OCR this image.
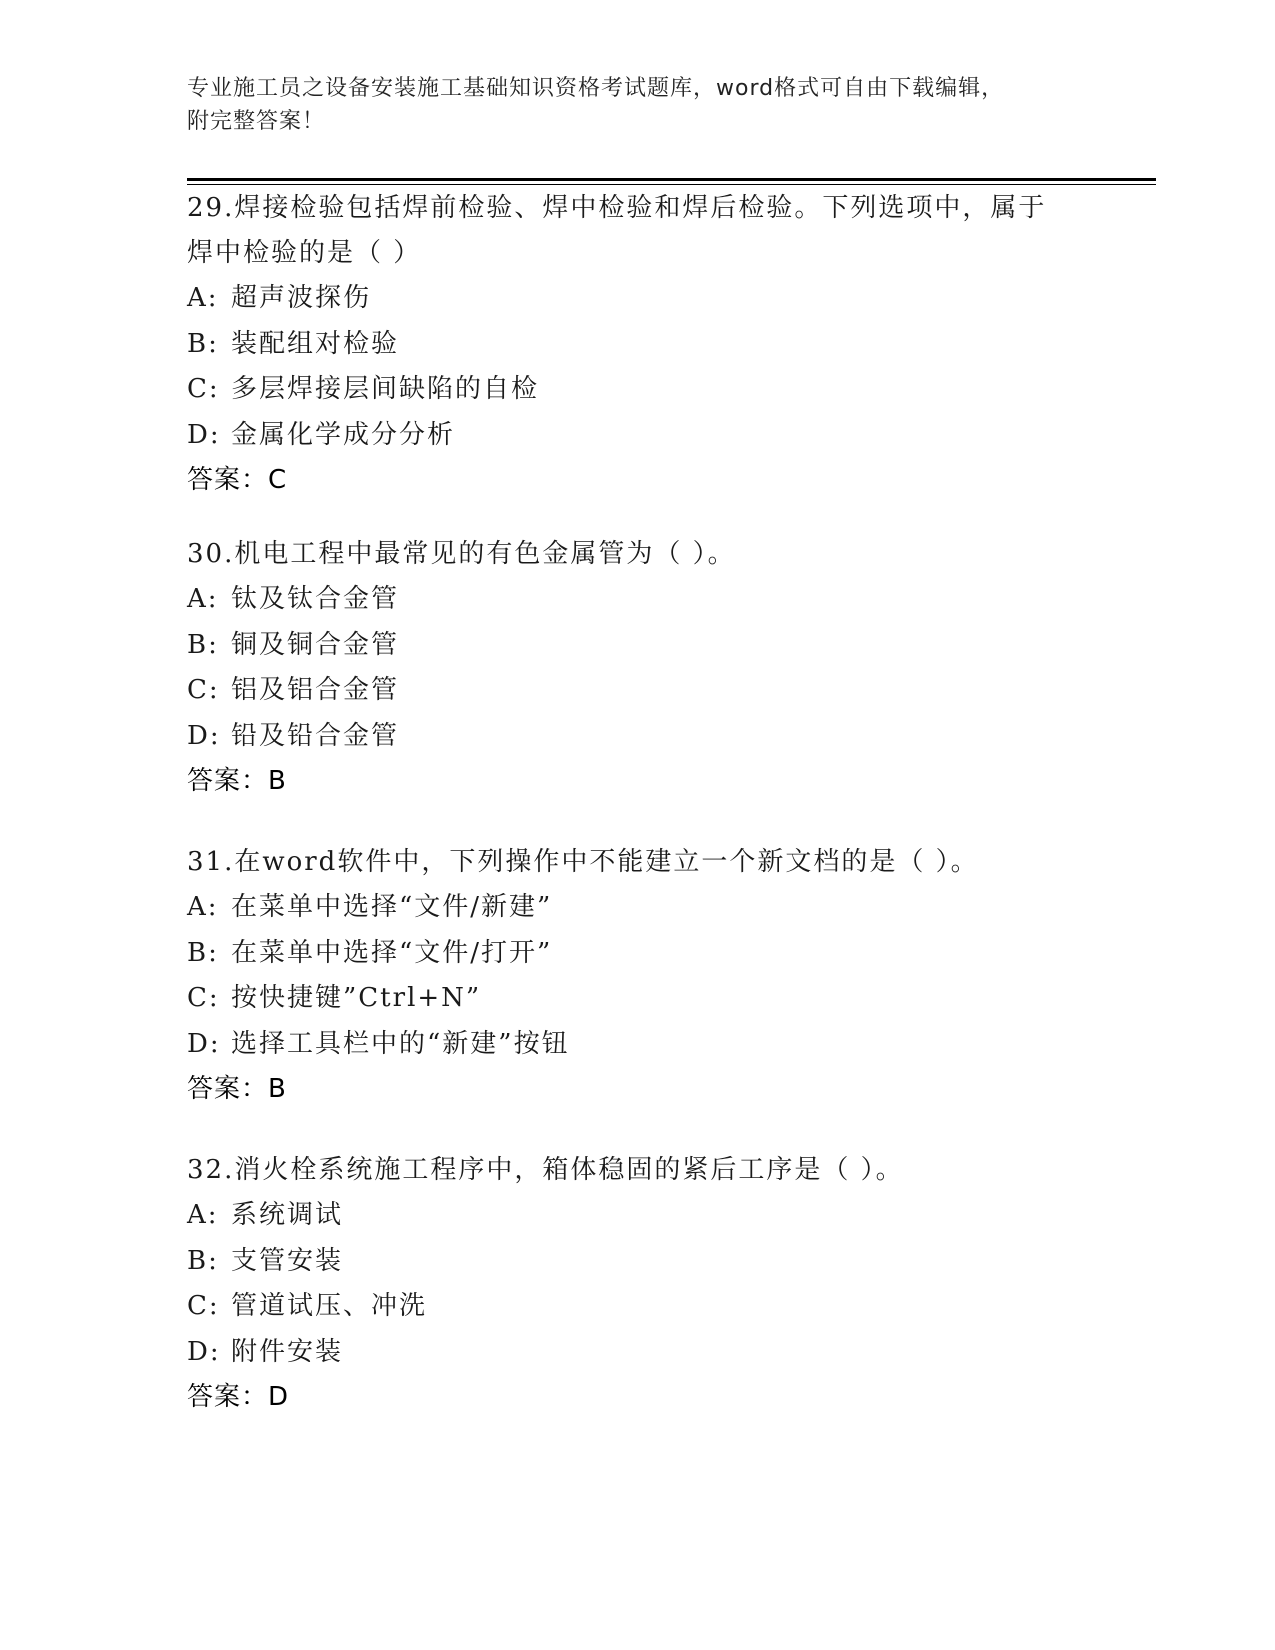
专业施工员之设备安装施工基础知识资格考试题库，word格式可自由下载编辑，
附完整答案！
29.焊接检验包括焊前检验、焊中检验和焊后检验。下列选项中，属于
焊中检验的是（ ）
A: 超声波探伤
B: 装配组对检验
C: 多层焊接层间缺陷的自检
D: 金属化学成分分析
答案：C
30.机电工程中最常见的有色金属管为（ ）。
A: 钛及钛合金管
B: 铜及铜合金管
C: 铝及铝合金管
D: 铅及铅合金管
答案：B
31.在word软件中，下列操作中不能建立一个新文档的是（ ）。
A: 在菜单中选择“文件/新建”
B: 在菜单中选择“文件/打开”
C: 按快捷键”Ctrl+N”
D: 选择工具栏中的“新建”按钮
答案：B
32.消火栓系统施工程序中，箱体稳固的紧后工序是（ ）。
A: 系统调试
B: 支管安装
C: 管道试压、冲洗
D: 附件安装
答案：D
